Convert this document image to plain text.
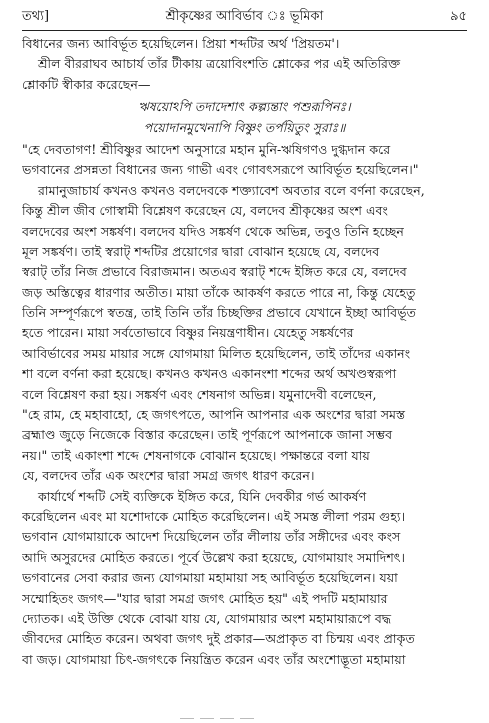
তথ্য]	শ্রীকৃষ্ণের আবির্ভাব ঃ ভূমিকা	৯৫
বিধানের জন্য আবির্ভূত হয়েছিলেন। প্রিয়া শব্দটির অর্থ 'প্রিয়তম'।
শ্রীল বীররাঘব আচার্য তাঁর টীকায় ত্রয়োবিংশতি শ্লোকের পর এই অতিরিক্ত
শ্লোকটি স্বীকার করেছেন—
ঋষয়োঽপি তদাদেশাৎ কল্প্যন্তাং পশুরূপিনঃ।
পয়োদানমুখেনাপি বিষ্ণুং তর্পয়িতুং সুরাঃ॥
"হে দেবতাগণ! শ্রীবিষ্ণুর আদেশ অনুসারে মহান মুনি-ঋষিগণও দুগ্ধদান করে
ভগবানের প্রসন্নতা বিধানের জন্য গাভী এবং গোবৎসরূপে আবির্ভূত হয়েছিলেন।"
রামানুজাচার্য কখনও কখনও বলদেবকে শক্ত্যাবেশ অবতার বলে বর্ণনা করেছেন,
কিন্তু শ্রীল জীব গোস্বামী বিশ্লেষণ করেছেন যে, বলদেব শ্রীকৃষ্ণের অংশ এবং
বলদেবের অংশ সঙ্কর্ষণ। বলদেব যদিও সঙ্কর্ষণ থেকে অভিন্ন, তবুও তিনি হচ্ছেন
মূল সঙ্কর্ষণ। তাই স্বরাট্ শব্দটির প্রয়োগের দ্বারা বোঝান হয়েছে যে, বলদেব
স্বরাট্ তাঁর নিজ প্রভাবে বিরাজমান। অতএব স্বরাট্ শব্দে ইঙ্গিত করে যে, বলদেব
জড় অস্তিত্বের ধারণার অতীত। মায়া তাঁকে আকর্ষণ করতে পারে না, কিন্তু যেহেতু
তিনি সম্পূর্ণরূপে স্বতন্ত্র, তাই তিনি তাঁর চিচ্ছক্তির প্রভাবে যেখানে ইচ্ছা আবির্ভূত
হতে পারেন। মায়া সর্বতোভাবে বিষ্ণুর নিয়ন্ত্রণাধীন। যেহেতু সঙ্কর্ষণের
আবির্ভাবের সময় মায়ার সঙ্গে যোগমায়া মিলিত হয়েছিলেন, তাই তাঁদের একানং
শা বলে বর্ণনা করা হয়েছে। কখনও কখনও একানংশা শব্দের অর্থ অখণ্ডস্বরূপা
বলে বিশ্লেষণ করা হয়। সঙ্কর্ষণ এবং শেষনাগ অভিন্ন। যমুনাদেবী বলেছেন,
"হে রাম, হে মহাবাহো, হে জগৎপতে, আপনি আপনার এক অংশের দ্বারা সমস্ত
ব্রহ্মাণ্ড জুড়ে নিজেকে বিস্তার করেছেন। তাই পূর্ণরূপে আপনাকে জানা সম্ভব
নয়।" তাই একাংশা শব্দে শেষনাগকে বোঝান হয়েছে। পক্ষান্তরে বলা যায়
যে, বলদেব তাঁর এক অংশের দ্বারা সমগ্র জগৎ ধারণ করেন।
কার্যার্থে শব্দটি সেই ব্যক্তিকে ইঙ্গিত করে, যিনি দেবকীর গর্ভ আকর্ষণ
করেছিলেন এবং মা যশোদাকে মোহিত করেছিলেন। এই সমস্ত লীলা পরম গুহ্য।
ভগবান যোগমায়াকে আদেশ দিয়েছিলেন তাঁর লীলায় তাঁর সঙ্গীদের এবং কংস
আদি অসুরদের মোহিত করতে। পূর্বে উল্লেখ করা হয়েছে, যোগমায়াং সমাদিশৎ।
ভগবানের সেবা করার জন্য যোগমায়া মহামায়া সহ আবির্ভূত হয়েছিলেন। যয়া
সম্মোহিতং জগৎ—"যার দ্বারা সমগ্র জগৎ মোহিত হয়" এই পদটি মহামায়ার
দ্যোতক। এই উক্তি থেকে বোঝা যায় যে, যোগমায়ার অংশ মহামায়ারূপে বদ্ধ
জীবদের মোহিত করেন। অথবা জগৎ দুই প্রকার—অপ্রাকৃত বা চিন্ময় এবং প্রাকৃত
বা জড়। যোগমায়া চিৎ-জগৎকে নিয়ন্ত্রিত করেন এবং তাঁর অংশোদ্ভূতা মহামায়া
